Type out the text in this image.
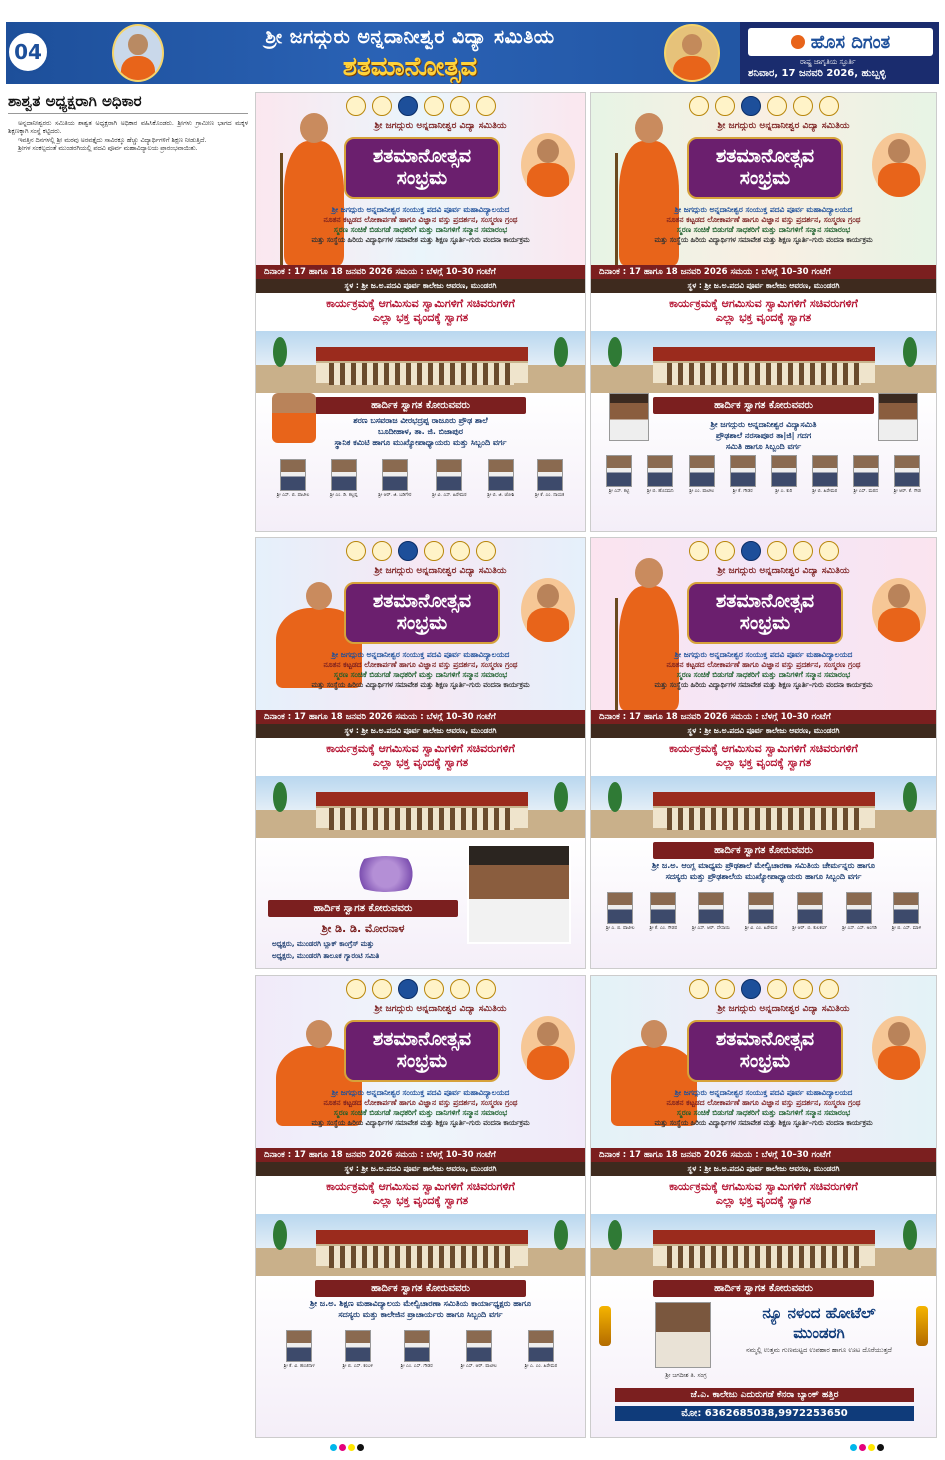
04
ಶ್ರೀ ಜಗದ್ಗುರು ಅನ್ನದಾನೀಶ್ವರ ವಿದ್ಯಾ ಸಮಿತಿಯ
ಶತಮಾನೋತ್ಸವ
ಹೊಸ ದಿಗಂತ
ರಾಷ್ಟ್ರ ಜಾಗೃತಿಯ ಸ್ಫೂರ್ತಿ
ಶನಿವಾರ, 17 ಜನವರಿ 2026, ಹುಬ್ಬಳ್ಳಿ
ಶಾಶ್ವತ ಅಧ್ಯಕ್ಷರಾಗಿ ಅಧಿಕಾರ

ಅನ್ನದಾನೀಶ್ವರರು ಸಮಿತಿಯ ಶಾಶ್ವತ ಅಧ್ಯಕ್ಷರಾಗಿ ಅಧಿಕಾರ ವಹಿಸಿಕೊಂಡರು. ಶ್ರೀಗಳು ಗ್ರಾಮೀಣ ಭಾಗದ ಮಕ್ಕಳ ಶಿಕ್ಷಣಕ್ಕಾಗಿ ಸಂಸ್ಥೆ ಕಟ್ಟಿದರು.

ಇವತ್ತಿನ ದಿನಗಳಲ್ಲಿ ಶ್ರೀ ಮಠವು ಅರವತ್ತೈದು ಸಾವಿರಕ್ಕೂ ಹೆಚ್ಚು ವಿದ್ಯಾರ್ಥಿಗಳಿಗೆ ಶಿಕ್ಷಣ ನೀಡುತ್ತಿದೆ.

ಶ್ರೀಗಳ ಸಂಕಲ್ಪದಂತೆ ಮುಂಡರಗಿಯಲ್ಲಿ ಪದವಿ ಪೂರ್ವ ಮಹಾವಿದ್ಯಾಲಯ ಪ್ರಾರಂಭವಾಯಿತು.

ಶ್ರೀ ಜಗದ್ಗುರು ಅನ್ನದಾನೀಶ್ವರ ವಿದ್ಯಾ ಸಮಿತಿಯ
ಶತಮಾನೋತ್ಸವ
ಸಂಭ್ರಮ
ಶ್ರೀ ಜಗದ್ಗುರು ಅನ್ನದಾನೀಶ್ವರ ಸಂಯುಕ್ತ ಪದವಿ ಪೂರ್ವ ಮಹಾವಿದ್ಯಾಲಯದ
ನೂತನ ಕಟ್ಟಡದ ಲೋಕಾರ್ಪಣೆ ಹಾಗೂ ವಿಜ್ಞಾನ ವಸ್ತು ಪ್ರದರ್ಶನ, ಸಂಸ್ಮರಣ ಗ್ರಂಥ
ಸ್ಮರಣ ಸಂಚಿಕೆ ಬಿಡುಗಡೆ ಸಾಧಕರಿಗೆ ಮತ್ತು ದಾನಿಗಳಿಗೆ ಸನ್ಮಾನ ಸಮಾರಂಭ
ಮತ್ತು ಸಂಸ್ಥೆಯ ಹಿರಿಯ ವಿದ್ಯಾರ್ಥಿಗಳ ಸಮಾವೇಶ ಮತ್ತು ಶಿಕ್ಷಣ ಸ್ಫೂರ್ತಿ–ಗುರು ವಂದನಾ ಕಾರ್ಯಕ್ರಮ
ದಿನಾಂಕ : 17 ಹಾಗೂ 18 ಜನವರಿ 2026 ಸಮಯ : ಬೆಳಗ್ಗೆ 10–30 ಗಂಟೆಗೆ
ಸ್ಥಳ : ಶ್ರೀ ಜ.ಅ.ಪದವಿ ಪೂರ್ವ ಕಾಲೇಜು ಆವರಣ, ಮುಂಡರಗಿ
ಕಾರ್ಯಕ್ರಮಕ್ಕೆ ಆಗಮಿಸುವ ಸ್ವಾಮಿಗಳಿಗೆ ಸಚಿವರುಗಳಿಗೆ
ಎಲ್ಲಾ ಭಕ್ತ ವೃಂದಕ್ಕೆ ಸ್ವಾಗತ
ಹಾರ್ದಿಕ ಸ್ವಾಗತ ಕೋರುವವರು
ಶರಣ ಬಸವರಾಜ ವೀರಭದ್ರಪ್ಪ ರಾಜೂರು ಪ್ರೌಢ ಶಾಲೆ
ಬೂದೀಹಾಳ, ತಾ. ಜಿ. ಬಿಜಾಪುರ
ಸ್ಥಾನಿಕ ಕಮಿಟಿ ಹಾಗೂ ಮುಖ್ಯೋಪಾಧ್ಯಾಯರು ಮತ್ತು ಸಿಬ್ಬಂದಿ ವರ್ಗ
ಶ್ರೀ ಎಸ್. ಬಿ. ಪಾಟೀಲ	ಶ್ರೀ ಎಂ. ಡಿ. ಕಲ್ಲಪ್ಪ	ಶ್ರೀ ಆರ್. ಜಿ. ಬಡಿಗೇರ	ಶ್ರೀ ವಿ. ಎಸ್. ಹಿರೇಮಠ	ಶ್ರೀ ಬಿ. ಜಿ. ಜೋಶಿ	ಶ್ರೀ ಕೆ. ಎಂ. ನಾಯಕ
ಶ್ರೀ ಜಗದ್ಗುರು ಅನ್ನದಾನೀಶ್ವರ ವಿದ್ಯಾ ಸಮಿತಿಯ
ಶತಮಾನೋತ್ಸವ
ಸಂಭ್ರಮ
ಶ್ರೀ ಜಗದ್ಗುರು ಅನ್ನದಾನೀಶ್ವರ ಸಂಯುಕ್ತ ಪದವಿ ಪೂರ್ವ ಮಹಾವಿದ್ಯಾಲಯದ
ನೂತನ ಕಟ್ಟಡದ ಲೋಕಾರ್ಪಣೆ ಹಾಗೂ ವಿಜ್ಞಾನ ವಸ್ತು ಪ್ರದರ್ಶನ, ಸಂಸ್ಮರಣ ಗ್ರಂಥ
ಸ್ಮರಣ ಸಂಚಿಕೆ ಬಿಡುಗಡೆ ಸಾಧಕರಿಗೆ ಮತ್ತು ದಾನಿಗಳಿಗೆ ಸನ್ಮಾನ ಸಮಾರಂಭ
ಮತ್ತು ಸಂಸ್ಥೆಯ ಹಿರಿಯ ವಿದ್ಯಾರ್ಥಿಗಳ ಸಮಾವೇಶ ಮತ್ತು ಶಿಕ್ಷಣ ಸ್ಫೂರ್ತಿ–ಗುರು ವಂದನಾ ಕಾರ್ಯಕ್ರಮ
ದಿನಾಂಕ : 17 ಹಾಗೂ 18 ಜನವರಿ 2026 ಸಮಯ : ಬೆಳಗ್ಗೆ 10–30 ಗಂಟೆಗೆ
ಸ್ಥಳ : ಶ್ರೀ ಜ.ಅ.ಪದವಿ ಪೂರ್ವ ಕಾಲೇಜು ಆವರಣ, ಮುಂಡರಗಿ
ಕಾರ್ಯಕ್ರಮಕ್ಕೆ ಆಗಮಿಸುವ ಸ್ವಾಮಿಗಳಿಗೆ ಸಚಿವರುಗಳಿಗೆ
ಎಲ್ಲಾ ಭಕ್ತ ವೃಂದಕ್ಕೆ ಸ್ವಾಗತ
ಹಾರ್ದಿಕ ಸ್ವಾಗತ ಕೋರುವವರು
ಶ್ರೀ ಜಗದ್ಗುರು ಅನ್ನದಾನೀಶ್ವರ ವಿದ್ಯಾಸಮಿತಿ
ಪ್ರೌಢಶಾಲೆ ನರಸಾಪೂರ ತಾ|ಜಿ| ಗದಗ
ಸಮಿತಿ ಹಾಗೂ ಸಿಬ್ಬಂದಿ ವರ್ಗ
ಶ್ರೀ ಎಸ್. ಕಟ್ಟಿ	ಶ್ರೀ ಬಿ. ಹೊಸಮನಿ	ಶ್ರೀ ಎಂ. ಪಾಟೀಲ	ಶ್ರೀ ಕೆ. ಗೌಡರ	ಶ್ರೀ ಎ. ಕುರಿ	ಶ್ರೀ ಬಿ. ಹಿರೇಮಠ	ಶ್ರೀ ಎಸ್. ಮಠದ	ಶ್ರೀ ಆರ್. ಕೆ. ಗೌಡ
ಶ್ರೀ ಜಗದ್ಗುರು ಅನ್ನದಾನೀಶ್ವರ ವಿದ್ಯಾ ಸಮಿತಿಯ
ಶತಮಾನೋತ್ಸವ
ಸಂಭ್ರಮ
ಶ್ರೀ ಜಗದ್ಗುರು ಅನ್ನದಾನೀಶ್ವರ ಸಂಯುಕ್ತ ಪದವಿ ಪೂರ್ವ ಮಹಾವಿದ್ಯಾಲಯದ
ನೂತನ ಕಟ್ಟಡದ ಲೋಕಾರ್ಪಣೆ ಹಾಗೂ ವಿಜ್ಞಾನ ವಸ್ತು ಪ್ರದರ್ಶನ, ಸಂಸ್ಮರಣ ಗ್ರಂಥ
ಸ್ಮರಣ ಸಂಚಿಕೆ ಬಿಡುಗಡೆ ಸಾಧಕರಿಗೆ ಮತ್ತು ದಾನಿಗಳಿಗೆ ಸನ್ಮಾನ ಸಮಾರಂಭ
ಮತ್ತು ಸಂಸ್ಥೆಯ ಹಿರಿಯ ವಿದ್ಯಾರ್ಥಿಗಳ ಸಮಾವೇಶ ಮತ್ತು ಶಿಕ್ಷಣ ಸ್ಫೂರ್ತಿ–ಗುರು ವಂದನಾ ಕಾರ್ಯಕ್ರಮ
ದಿನಾಂಕ : 17 ಹಾಗೂ 18 ಜನವರಿ 2026 ಸಮಯ : ಬೆಳಗ್ಗೆ 10–30 ಗಂಟೆಗೆ
ಸ್ಥಳ : ಶ್ರೀ ಜ.ಅ.ಪದವಿ ಪೂರ್ವ ಕಾಲೇಜು ಆವರಣ, ಮುಂಡರಗಿ
ಕಾರ್ಯಕ್ರಮಕ್ಕೆ ಆಗಮಿಸುವ ಸ್ವಾಮಿಗಳಿಗೆ ಸಚಿವರುಗಳಿಗೆ
ಎಲ್ಲಾ ಭಕ್ತ ವೃಂದಕ್ಕೆ ಸ್ವಾಗತ
ಹಾರ್ದಿಕ ಸ್ವಾಗತ ಕೋರುವವರು
ಶ್ರೀ ಡಿ. ಡಿ. ಮೋರನಾಳ
ಅಧ್ಯಕ್ಷರು, ಮುಂಡರಗಿ ಬ್ಲಾಕ್ ಕಾಂಗ್ರೆಸ್ ಮತ್ತು
ಅಧ್ಯಕ್ಷರು, ಮುಂಡರಗಿ ತಾಲೂಕ ಗ್ಯಾರಂಟಿ ಸಮಿತಿ
ಶ್ರೀ ಜಗದ್ಗುರು ಅನ್ನದಾನೀಶ್ವರ ವಿದ್ಯಾ ಸಮಿತಿಯ
ಶತಮಾನೋತ್ಸವ
ಸಂಭ್ರಮ
ಶ್ರೀ ಜಗದ್ಗುರು ಅನ್ನದಾನೀಶ್ವರ ಸಂಯುಕ್ತ ಪದವಿ ಪೂರ್ವ ಮಹಾವಿದ್ಯಾಲಯದ
ನೂತನ ಕಟ್ಟಡದ ಲೋಕಾರ್ಪಣೆ ಹಾಗೂ ವಿಜ್ಞಾನ ವಸ್ತು ಪ್ರದರ್ಶನ, ಸಂಸ್ಮರಣ ಗ್ರಂಥ
ಸ್ಮರಣ ಸಂಚಿಕೆ ಬಿಡುಗಡೆ ಸಾಧಕರಿಗೆ ಮತ್ತು ದಾನಿಗಳಿಗೆ ಸನ್ಮಾನ ಸಮಾರಂಭ
ಮತ್ತು ಸಂಸ್ಥೆಯ ಹಿರಿಯ ವಿದ್ಯಾರ್ಥಿಗಳ ಸಮಾವೇಶ ಮತ್ತು ಶಿಕ್ಷಣ ಸ್ಫೂರ್ತಿ–ಗುರು ವಂದನಾ ಕಾರ್ಯಕ್ರಮ
ದಿನಾಂಕ : 17 ಹಾಗೂ 18 ಜನವರಿ 2026 ಸಮಯ : ಬೆಳಗ್ಗೆ 10–30 ಗಂಟೆಗೆ
ಸ್ಥಳ : ಶ್ರೀ ಜ.ಅ.ಪದವಿ ಪೂರ್ವ ಕಾಲೇಜು ಆವರಣ, ಮುಂಡರಗಿ
ಕಾರ್ಯಕ್ರಮಕ್ಕೆ ಆಗಮಿಸುವ ಸ್ವಾಮಿಗಳಿಗೆ ಸಚಿವರುಗಳಿಗೆ
ಎಲ್ಲಾ ಭಕ್ತ ವೃಂದಕ್ಕೆ ಸ್ವಾಗತ
ಹಾರ್ದಿಕ ಸ್ವಾಗತ ಕೋರುವವರು
ಶ್ರೀ ಜ.ಅ. ಆಂಗ್ಲ ಮಾಧ್ಯಮ ಪ್ರೌಢಶಾಲೆ ಮೇಲ್ವಿಚಾರಣಾ ಸಮಿತಿಯ ಚೇರ್ಮನ್ನರು ಹಾಗೂ
ಸದಸ್ಯರು ಮತ್ತು ಪ್ರೌಢಶಾಲೆಯ ಮುಖ್ಯೋಪಾಧ್ಯಾಯರು ಹಾಗೂ ಸಿಬ್ಬಂದಿ ವರ್ಗ
ಶ್ರೀ ಎ. ಬಿ. ಪಾಟೀಲ	ಶ್ರೀ ಕೆ. ಎಂ. ಗೌಡರ	ಶ್ರೀ ಎಸ್. ಆರ್. ದೇಸಾಯಿ	ಶ್ರೀ ವಿ. ಎಂ. ಹಿರೇಮಠ	ಶ್ರೀ ಆರ್. ಬಿ. ಕುಲಕರ್ಣಿ	ಶ್ರೀ ಎಸ್. ಎಸ್. ಅಂಗಡಿ	ಶ್ರೀ ಬಿ. ಎಸ್. ಮಾಳಿ
ಶ್ರೀ ಜಗದ್ಗುರು ಅನ್ನದಾನೀಶ್ವರ ವಿದ್ಯಾ ಸಮಿತಿಯ
ಶತಮಾನೋತ್ಸವ
ಸಂಭ್ರಮ
ಶ್ರೀ ಜಗದ್ಗುರು ಅನ್ನದಾನೀಶ್ವರ ಸಂಯುಕ್ತ ಪದವಿ ಪೂರ್ವ ಮಹಾವಿದ್ಯಾಲಯದ
ನೂತನ ಕಟ್ಟಡದ ಲೋಕಾರ್ಪಣೆ ಹಾಗೂ ವಿಜ್ಞಾನ ವಸ್ತು ಪ್ರದರ್ಶನ, ಸಂಸ್ಮರಣ ಗ್ರಂಥ
ಸ್ಮರಣ ಸಂಚಿಕೆ ಬಿಡುಗಡೆ ಸಾಧಕರಿಗೆ ಮತ್ತು ದಾನಿಗಳಿಗೆ ಸನ್ಮಾನ ಸಮಾರಂಭ
ಮತ್ತು ಸಂಸ್ಥೆಯ ಹಿರಿಯ ವಿದ್ಯಾರ್ಥಿಗಳ ಸಮಾವೇಶ ಮತ್ತು ಶಿಕ್ಷಣ ಸ್ಫೂರ್ತಿ–ಗುರು ವಂದನಾ ಕಾರ್ಯಕ್ರಮ
ದಿನಾಂಕ : 17 ಹಾಗೂ 18 ಜನವರಿ 2026 ಸಮಯ : ಬೆಳಗ್ಗೆ 10–30 ಗಂಟೆಗೆ
ಸ್ಥಳ : ಶ್ರೀ ಜ.ಅ.ಪದವಿ ಪೂರ್ವ ಕಾಲೇಜು ಆವರಣ, ಮುಂಡರಗಿ
ಕಾರ್ಯಕ್ರಮಕ್ಕೆ ಆಗಮಿಸುವ ಸ್ವಾಮಿಗಳಿಗೆ ಸಚಿವರುಗಳಿಗೆ
ಎಲ್ಲಾ ಭಕ್ತ ವೃಂದಕ್ಕೆ ಸ್ವಾಗತ
ಹಾರ್ದಿಕ ಸ್ವಾಗತ ಕೋರುವವರು
ಶ್ರೀ ಜ.ಅ. ಶಿಕ್ಷಣ ಮಹಾವಿದ್ಯಾಲಯ ಮೇಲ್ವಿಚಾರಣಾ ಸಮಿತಿಯ ಕಾರ್ಯಾಧ್ಯಕ್ಷರು ಹಾಗೂ
ಸದಸ್ಯರು ಮತ್ತು ಕಾಲೇಜಿನ ಪ್ರಾಚಾರ್ಯರು ಹಾಗೂ ಸಿಬ್ಬಂದಿ ವರ್ಗ
ಶ್ರೀ ಕೆ. ವಿ. ಹಂಚಿನಾಳ	ಶ್ರೀ ಬಿ. ಎಸ್. ಕಂಬಳಿ	ಶ್ರೀ ಎಂ. ಎಸ್. ಗೌಡರ	ಶ್ರೀ ಎಸ್. ಆರ್. ಪಾಟೀಲ	ಶ್ರೀ ಎ. ಎಂ. ಹಿರೇಮಠ
ಶ್ರೀ ಜಗದ್ಗುರು ಅನ್ನದಾನೀಶ್ವರ ವಿದ್ಯಾ ಸಮಿತಿಯ
ಶತಮಾನೋತ್ಸವ
ಸಂಭ್ರಮ
ಶ್ರೀ ಜಗದ್ಗುರು ಅನ್ನದಾನೀಶ್ವರ ಸಂಯುಕ್ತ ಪದವಿ ಪೂರ್ವ ಮಹಾವಿದ್ಯಾಲಯದ
ನೂತನ ಕಟ್ಟಡದ ಲೋಕಾರ್ಪಣೆ ಹಾಗೂ ವಿಜ್ಞಾನ ವಸ್ತು ಪ್ರದರ್ಶನ, ಸಂಸ್ಮರಣ ಗ್ರಂಥ
ಸ್ಮರಣ ಸಂಚಿಕೆ ಬಿಡುಗಡೆ ಸಾಧಕರಿಗೆ ಮತ್ತು ದಾನಿಗಳಿಗೆ ಸನ್ಮಾನ ಸಮಾರಂಭ
ಮತ್ತು ಸಂಸ್ಥೆಯ ಹಿರಿಯ ವಿದ್ಯಾರ್ಥಿಗಳ ಸಮಾವೇಶ ಮತ್ತು ಶಿಕ್ಷಣ ಸ್ಫೂರ್ತಿ–ಗುರು ವಂದನಾ ಕಾರ್ಯಕ್ರಮ
ದಿನಾಂಕ : 17 ಹಾಗೂ 18 ಜನವರಿ 2026 ಸಮಯ : ಬೆಳಗ್ಗೆ 10–30 ಗಂಟೆಗೆ
ಸ್ಥಳ : ಶ್ರೀ ಜ.ಅ.ಪದವಿ ಪೂರ್ವ ಕಾಲೇಜು ಆವರಣ, ಮುಂಡರಗಿ
ಕಾರ್ಯಕ್ರಮಕ್ಕೆ ಆಗಮಿಸುವ ಸ್ವಾಮಿಗಳಿಗೆ ಸಚಿವರುಗಳಿಗೆ
ಎಲ್ಲಾ ಭಕ್ತ ವೃಂದಕ್ಕೆ ಸ್ವಾಗತ
ಹಾರ್ದಿಕ ಸ್ವಾಗತ ಕೋರುವವರು
ನ್ಯೂ ನಳಂದ ಹೋಟೆಲ್
ಮುಂಡರಗಿ
ನಮ್ಮಲ್ಲಿ ಉತ್ತಮ ಗುಣಮಟ್ಟದ ಉಪಹಾರ ಹಾಗೂ ಊಟ ದೊರೆಯುತ್ತದೆ
ಶ್ರೀ ಜಗದೀಶ ತಿ. ಸಂಗ್ರ
ಜೆ.ಎ. ಕಾಲೇಜು ಎದುರುಗಡೆ ಕೆನರಾ ಬ್ಯಾಂಕ್ ಹತ್ತಿರ
ಮೋ: 6362685038,9972253650
